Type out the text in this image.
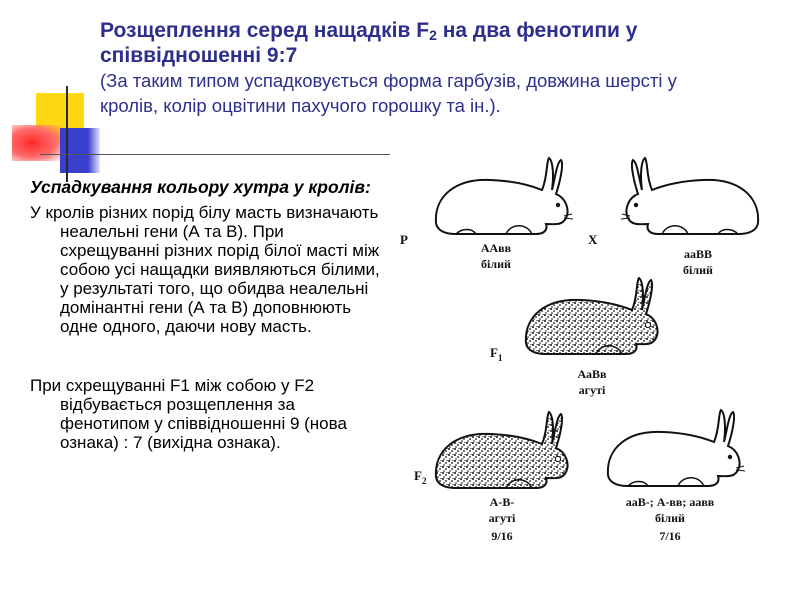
Розщеплення серед нащадків $F_2$ на два фенотипи у співвідношенні 9:7
(За таким типом успадковується форма гарбузів, довжина шерсті у кролів, колір оцвітини пахучого горошку та ін.).

Успадкування кольору хутра у кролів:

У кролів різних порід білу масть визначають неалельні гени (А та В). При схрещуванні різних порід білої масті між собою усі нащадки виявляються білими, у результаті того, що обидва неалельні домінантні гени (А та В) доповнюють одне одного, даючи нову масть.

При схрещуванні F1 між собою у F2 відбувається розщеплення за фенотипом у співвідношенні 9 (нова ознака) : 7 (вихідна ознака).

P	X
ААвв
білий
ааВВ
білий
$F_1$
АаВв
агуті
$F_2$
А-В-
агуті
9/16
ааВ-; А-вв; аавв
білий
7/16
